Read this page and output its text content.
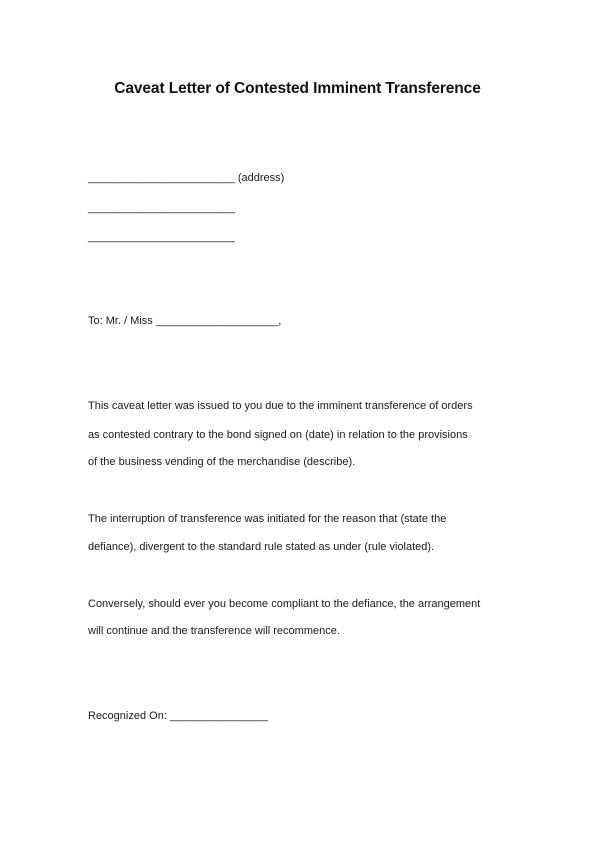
Caveat Letter of Contested Imminent Transference

________________________ (address)

________________________

________________________

To: Mr. / Miss ____________________,

This caveat letter was issued to you due to the imminent transference of orders

as contested contrary to the bond signed on (date) in relation to the provisions

of the business vending of the merchandise (describe).

The interruption of transference was initiated for the reason that (state the

defiance), divergent to the standard rule stated as under (rule violated).

Conversely, should ever you become compliant to the defiance, the arrangement

will continue and the transference will recommence.

Recognized On: ________________
